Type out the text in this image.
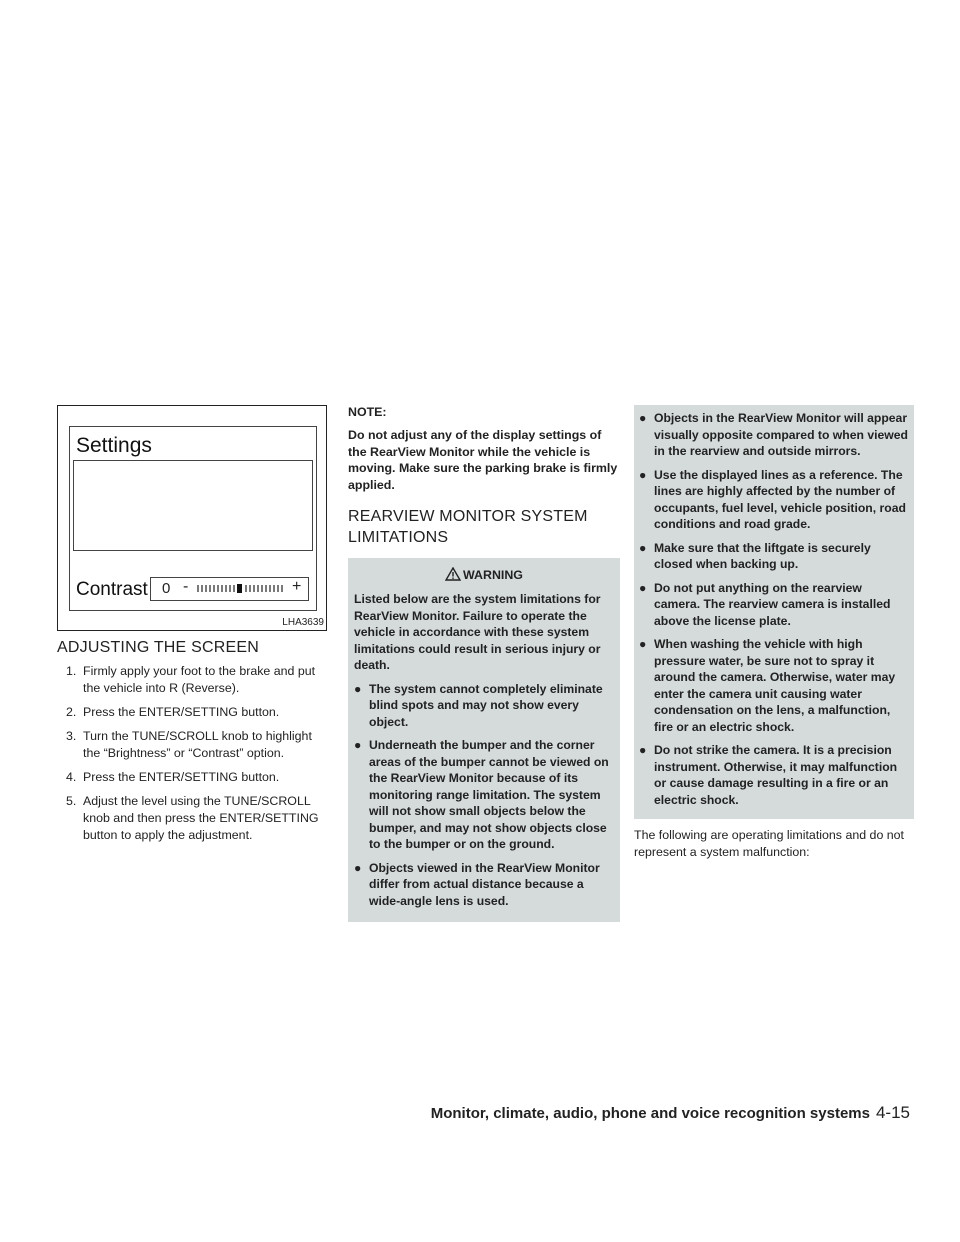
Settings
Contrast 0 -	+
LHA3639
ADJUSTING THE SCREEN
1. Firmly apply your foot to the brake and put the vehicle into R (Reverse).
2. Press the ENTER/SETTING button.
3. Turn the TUNE/SCROLL knob to highlight the “Brightness” or “Contrast” option.
4. Press the ENTER/SETTING button.
5. Adjust the level using the TUNE/SCROLL knob and then press the ENTER/SETTING button to apply the adjustment.

NOTE:

Do not adjust any of the display settings of the RearView Monitor while the vehicle is moving. Make sure the parking brake is firmly applied.

REARVIEW MONITOR SYSTEM LIMITATIONS
WARNING

Listed below are the system limitations for RearView Monitor. Failure to operate the vehicle in accordance with these system limitations could result in serious injury or death.

● The system cannot completely eliminate blind spots and may not show every object.
● Underneath the bumper and the corner areas of the bumper cannot be viewed on the RearView Monitor because of its monitoring range limitation. The system will not show small objects below the bumper, and may not show objects close to the bumper or on the ground.
● Objects viewed in the RearView Monitor differ from actual distance because a wide-angle lens is used.
● Objects in the RearView Monitor will appear visually opposite compared to when viewed in the rearview and outside mirrors.
● Use the displayed lines as a reference. The lines are highly affected by the number of occupants, fuel level, vehicle position, road conditions and road grade.
● Make sure that the liftgate is securely closed when backing up.
● Do not put anything on the rearview camera. The rearview camera is installed above the license plate.
● When washing the vehicle with high pressure water, be sure not to spray it around the camera. Otherwise, water may enter the camera unit causing water condensation on the lens, a malfunction, fire or an electric shock.
● Do not strike the camera. It is a precision instrument. Otherwise, it may malfunction or cause damage resulting in a fire or an electric shock.

The following are operating limitations and do not represent a system malfunction:

Monitor, climate, audio, phone and voice recognition systems 4-15
